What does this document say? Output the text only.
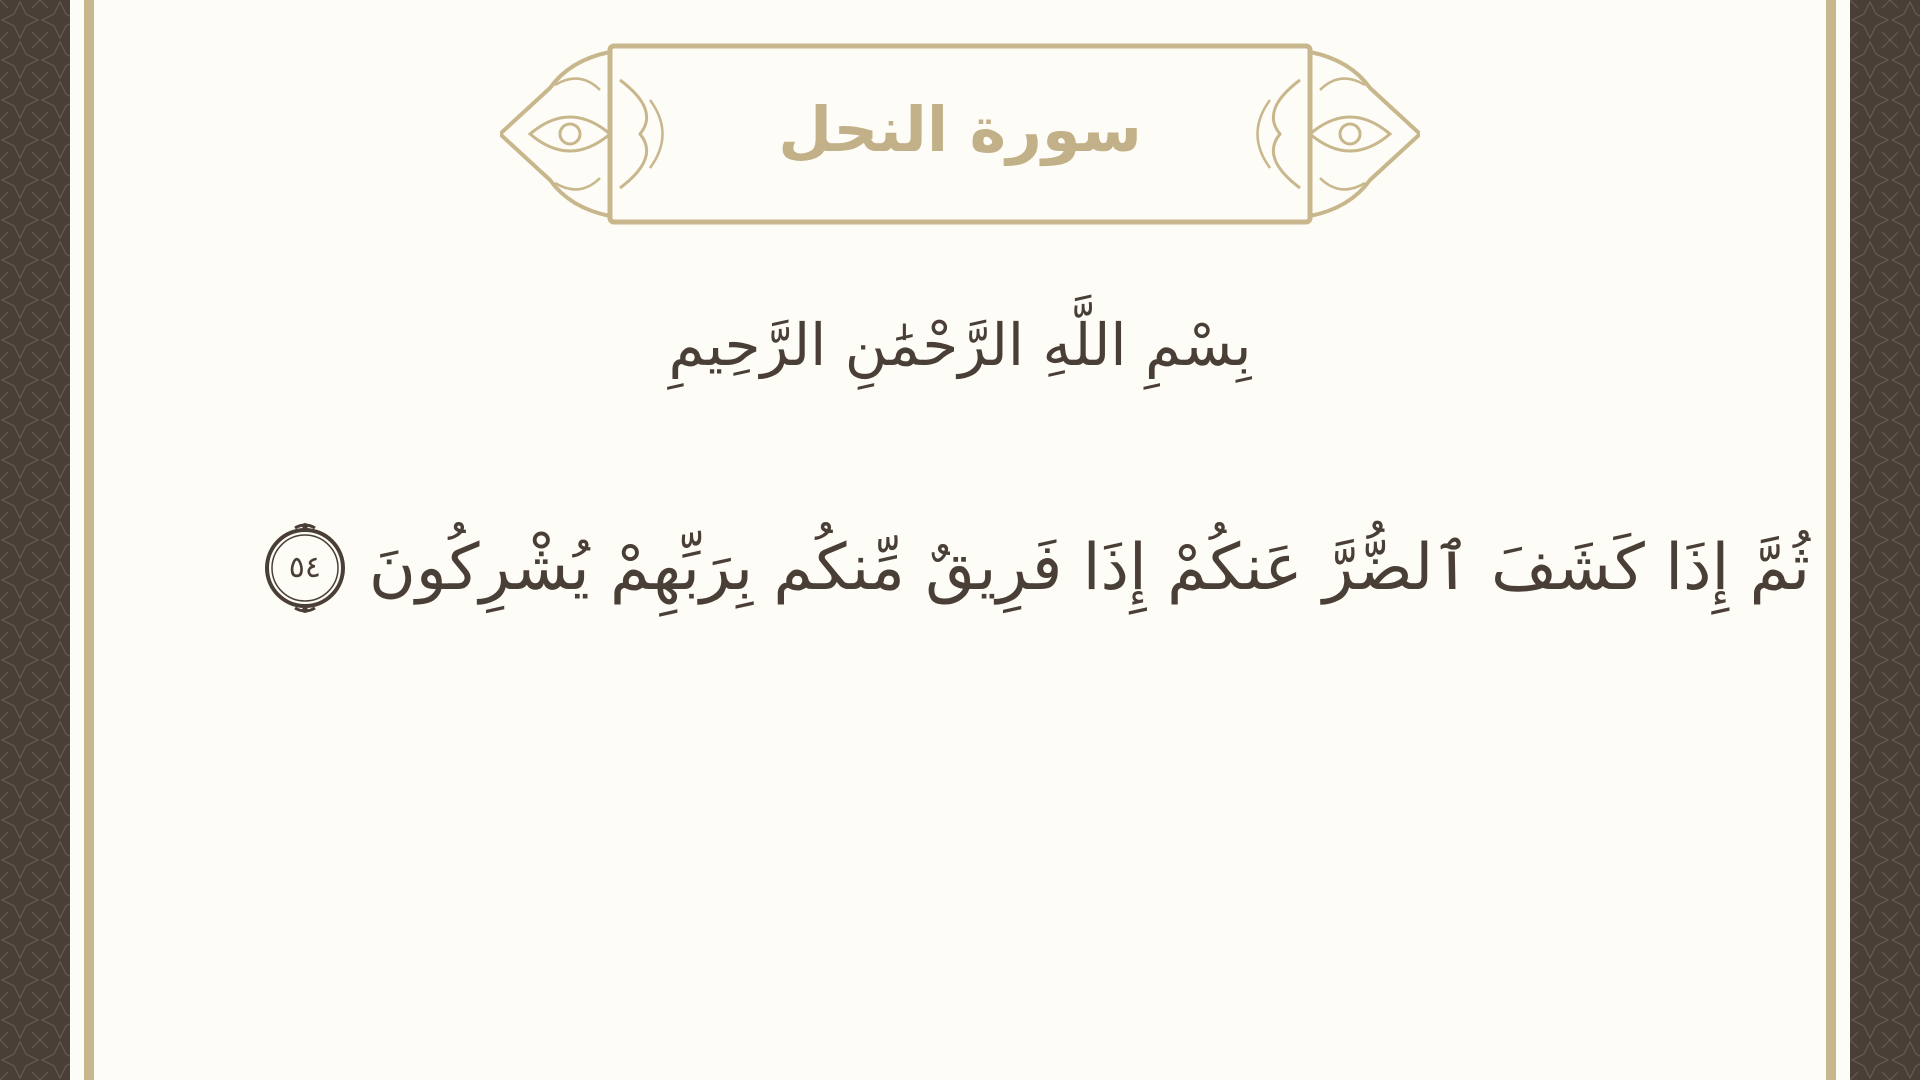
سورة النحل
بِسْمِ اللَّهِ الرَّحْمَٰنِ الرَّحِيمِ
ثُمَّ إِذَا كَشَفَ ٱلضُّرَّ عَنكُمْ إِذَا فَرِيقٌ مِّنكُم بِرَبِّهِمْ يُشْرِكُونَ
٥٤
